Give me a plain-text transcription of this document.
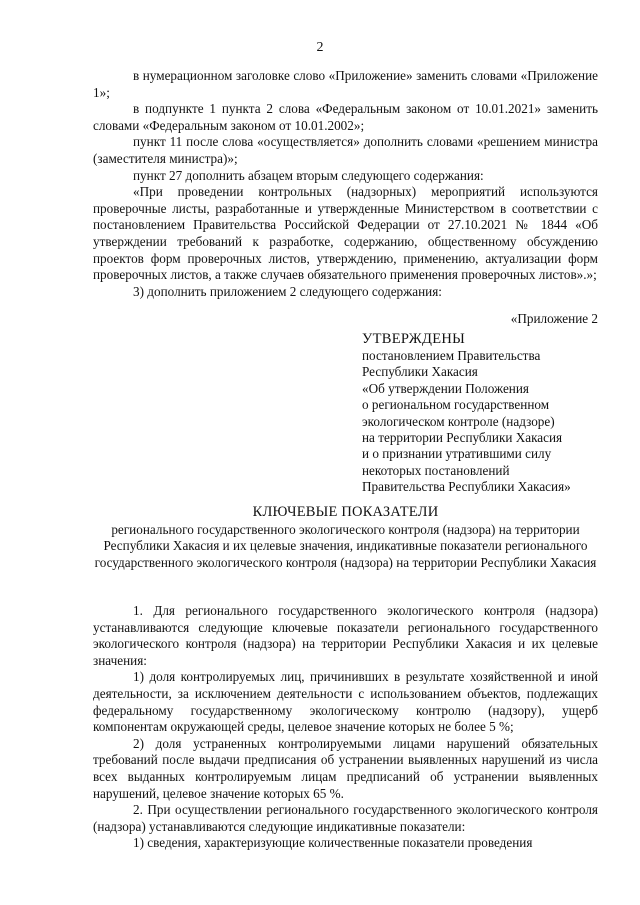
2

в нумерационном заголовке слово «Приложение» заменить словами «Приложение 1»;

в подпункте 1 пункта 2 слова «Федеральным законом от 10.01.2021» заменить словами «Федеральным законом от 10.01.2002»;

пункт 11 после слова «осуществляется» дополнить словами «решением министра (заместителя министра)»;

пункт 27 дополнить абзацем вторым следующего содержания:

«При проведении контрольных (надзорных) мероприятий используются проверочные листы, разработанные и утвержденные Министерством в соответствии с постановлением Правительства Российской Федерации от 27.10.2021 № 1844 «Об утверждении требований к разработке, содержанию, общественному обсуждению проектов форм проверочных листов, утверждению, применению, актуализации форм проверочных листов, а также случаев обязательного применения проверочных листов».»;

3) дополнить приложением 2 следующего содержания:

«Приложение 2
УТВЕРЖДЕНЫ
постановлением Правительства
Республики Хакасия
«Об утверждении Положения
о региональном государственном
экологическом контроле (надзоре)
на территории Республики Хакасия
и о признании утратившими силу
некоторых постановлений
Правительства Республики Хакасия»
КЛЮЧЕВЫЕ ПОКАЗАТЕЛИ
регионального государственного экологического контроля (надзора) на территории Республики Хакасия и их целевые значения, индикативные показатели регионального государственного экологического контроля (надзора) на территории Республики Хакасия

1. Для регионального государственного экологического контроля (надзора) устанавливаются следующие ключевые показатели регионального государственного экологического контроля (надзора) на территории Республики Хакасия и их целевые значения:

1) доля контролируемых лиц, причинивших в результате хозяйственной и иной деятельности, за исключением деятельности с использованием объектов, подлежащих федеральному государственному экологическому контролю (надзору), ущерб компонентам окружающей среды, целевое значение которых не более 5 %;

2) доля устраненных контролируемыми лицами нарушений обязательных требований после выдачи предписания об устранении выявленных нарушений из числа всех выданных контролируемым лицам предписаний об устранении выявленных нарушений, целевое значение которых 65 %.

2. При осуществлении регионального государственного экологического контроля (надзора) устанавливаются следующие индикативные показатели:

1) сведения, характеризующие количественные показатели проведения
